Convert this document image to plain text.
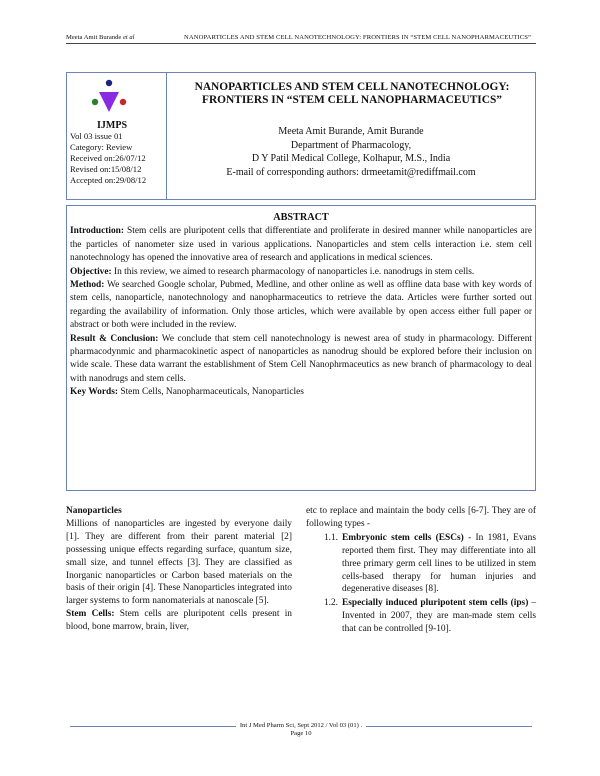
Meeta Amit Burande et al	NANOPARTICLES AND STEM CELL NANOTECHNOLOGY: FRONTIERS IN “STEM CELL NANOPHARMACEUTICS”
IJMPS
Vol 03 issue 01
Category: Review
Received on:26/07/12
Revised on:15/08/12
Accepted on:29/08/12
NANOPARTICLES AND STEM CELL NANOTECHNOLOGY:
FRONTIERS IN “STEM CELL NANOPHARMACEUTICS”
Meeta Amit Burande, Amit Burande
Department of Pharmacology,
D Y Patil Medical College, Kolhapur, M.S., India
E-mail of corresponding authors: drmeetamit@rediffmail.com
ABSTRACT

Introduction: Stem cells are pluripotent cells that differentiate and proliferate in desired manner while nanoparticles are the particles of nanometer size used in various applications. Nanoparticles and stem cells interaction i.e. stem cell nanotechnology has opened the innovative area of research and applications in medical sciences.

Objective: In this review, we aimed to research pharmacology of nanoparticles i.e. nanodrugs in stem cells.

Method: We searched Google scholar, Pubmed, Medline, and other online as well as offline data base with key words of stem cells, nanoparticle, nanotechnology and nanopharmaceutics to retrieve the data. Articles were further sorted out regarding the availability of information. Only those articles, which were available by open access either full paper or abstract or both were included in the review.

Result & Conclusion: We conclude that stem cell nanotechnology is newest area of study in pharmacology. Different pharmacodynmic and pharmacokinetic aspect of nanoparticles as nanodrug should be explored before their inclusion on wide scale. These data warrant the establishment of Stem Cell Nanophrmaceutics as new branch of pharmacology to deal with nanodrugs and stem cells.

Key Words: Stem Cells, Nanopharmaceuticals, Nanoparticles

Nanoparticles

Millions of nanoparticles are ingested by everyone daily [1]. They are different from their parent material [2] possessing unique effects regarding surface, quantum size, small size, and tunnel effects [3]. They are classified as Inorganic nanoparticles or Carbon based materials on the basis of their origin [4]. These Nanoparticles integrated into larger systems to form nanomaterials at nanoscale [5].

Stem Cells: Stem cells are pluripotent cells present in blood, bone marrow, brain, liver,

etc to replace and maintain the body cells [6-7]. They are of following types -

1.1. Embryonic stem cells (ESCs) - In 1981, Evans reported them first. They may differentiate into all three primary germ cell lines to be utilized in stem cells-based therapy for human injuries and degenerative diseases [8].
1.2. Especially induced pluripotent stem cells (ips) – Invented in 2007, they are man-made stem cells that can be controlled [9-10].
Int J Med Pharm Sci, Sept 2012 / Vol 03 (01) .
Page 10
